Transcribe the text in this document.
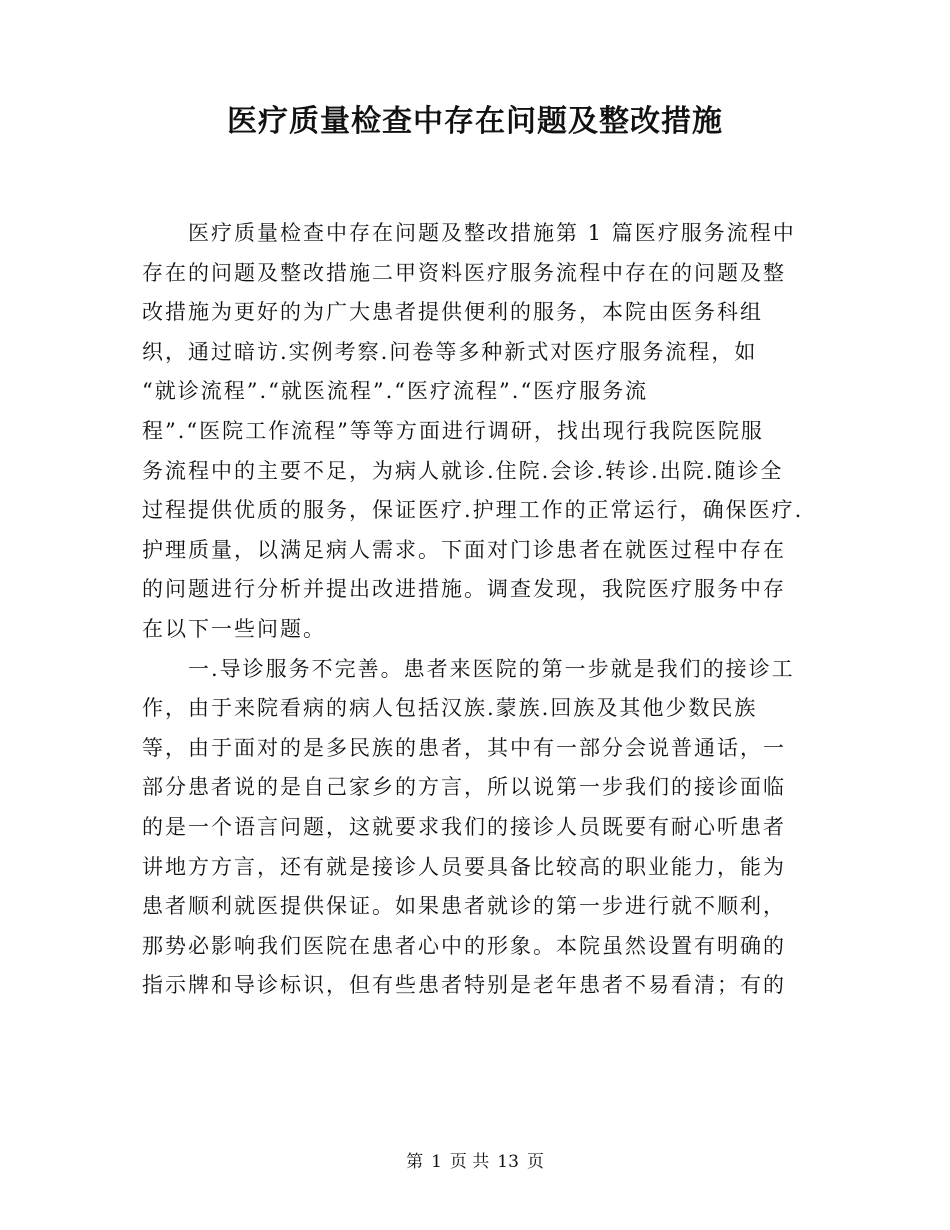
医疗质量检查中存在问题及整改措施
医疗质量检查中存在问题及整改措施第 1 篇医疗服务流程中
存在的问题及整改措施二甲资料医疗服务流程中存在的问题及整
改措施为更好的为广大患者提供便利的服务，本院由医务科组
织，通过暗访.实例考察.问卷等多种新式对医疗服务流程，如
“就诊流程”.“就医流程”.“医疗流程”.“医疗服务流
程”.“医院工作流程”等等方面进行调研，找出现行我院医院服
务流程中的主要不足，为病人就诊.住院.会诊.转诊.出院.随诊全
过程提供优质的服务，保证医疗.护理工作的正常运行，确保医疗.
护理质量，以满足病人需求。下面对门诊患者在就医过程中存在
的问题进行分析并提出改进措施。调查发现，我院医疗服务中存
在以下一些问题。
一.导诊服务不完善。患者来医院的第一步就是我们的接诊工
作，由于来院看病的病人包括汉族.蒙族.回族及其他少数民族
等，由于面对的是多民族的患者，其中有一部分会说普通话，一
部分患者说的是自己家乡的方言，所以说第一步我们的接诊面临
的是一个语言问题，这就要求我们的接诊人员既要有耐心听患者
讲地方方言，还有就是接诊人员要具备比较高的职业能力，能为
患者顺利就医提供保证。如果患者就诊的第一步进行就不顺利，
那势必影响我们医院在患者心中的形象。本院虽然设置有明确的
指示牌和导诊标识，但有些患者特别是老年患者不易看清；有的
第 1 页 共 13 页
